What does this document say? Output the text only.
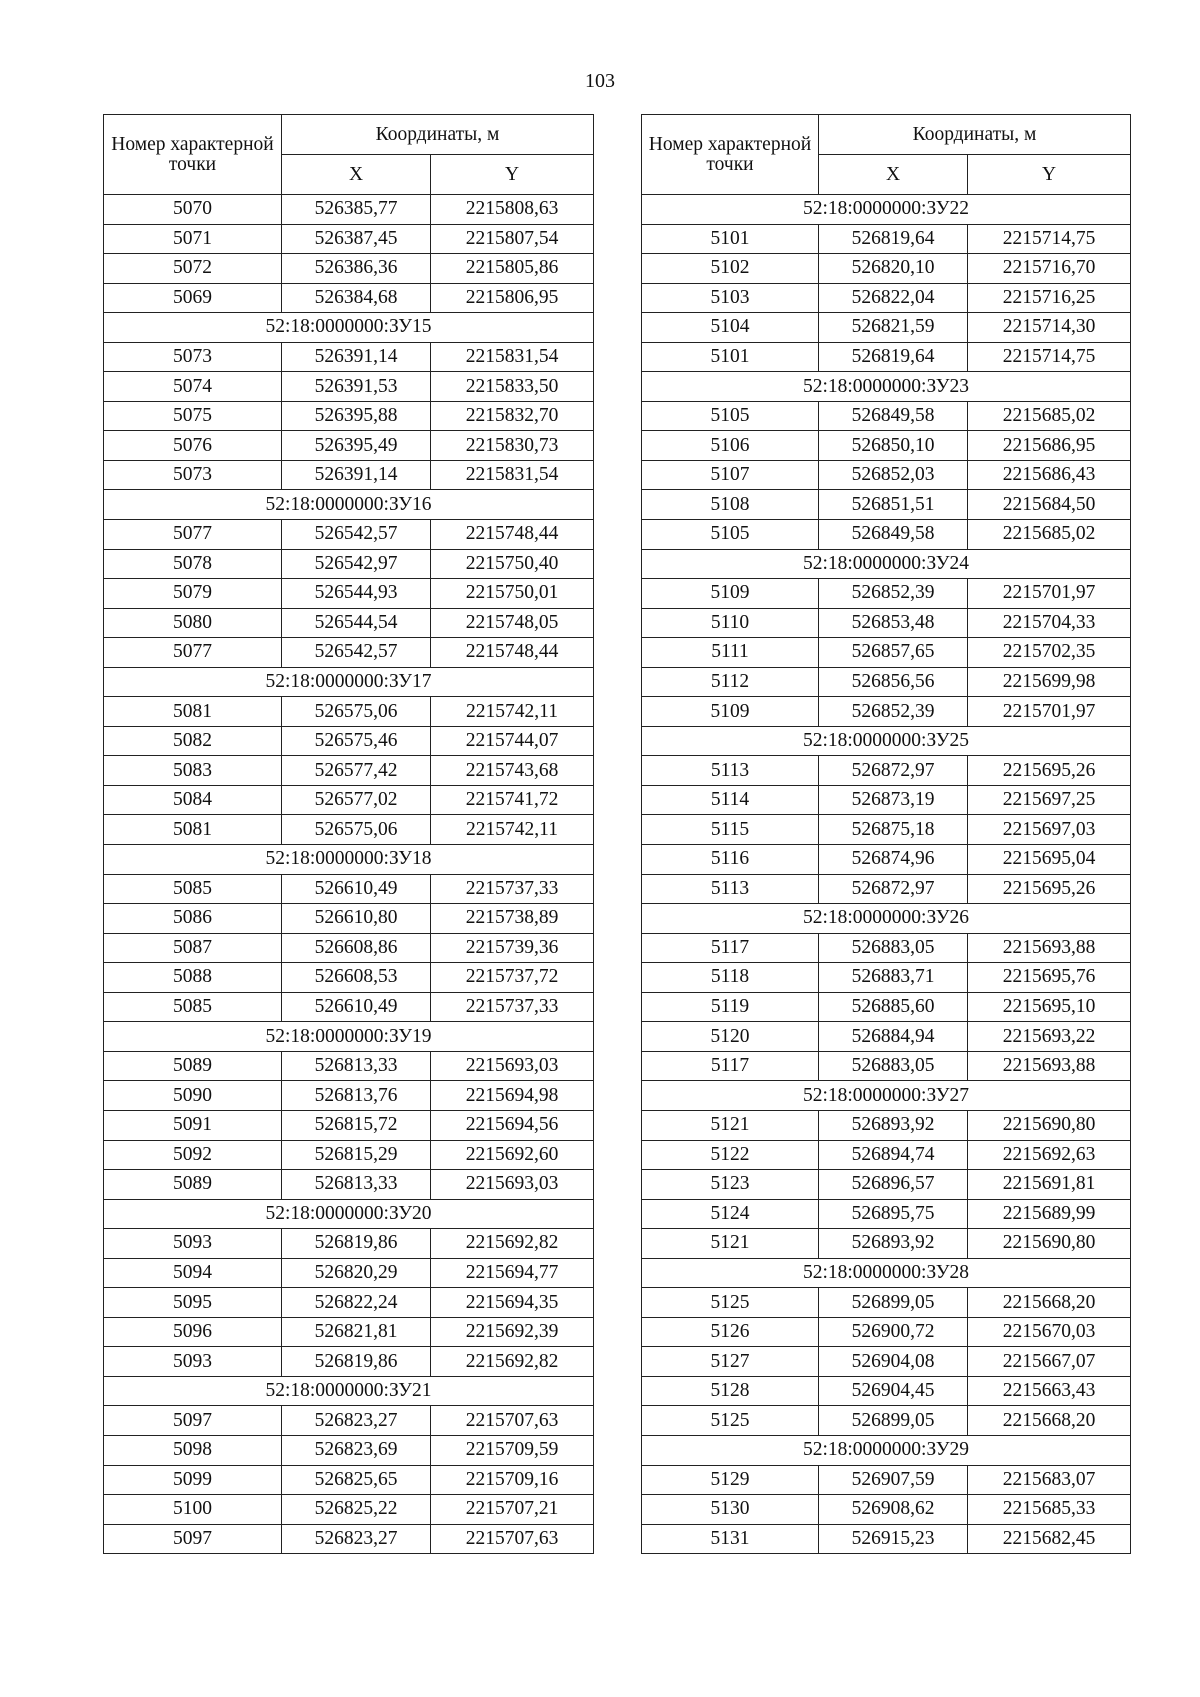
103
Номер характерной точки	Координаты, м	
	X	Y
5070	526385,77	2215808,63
5071	526387,45	2215807,54
5072	526386,36	2215805,86
5069	526384,68	2215806,95
52:18:0000000:ЗУ15		
5073	526391,14	2215831,54
5074	526391,53	2215833,50
5075	526395,88	2215832,70
5076	526395,49	2215830,73
5073	526391,14	2215831,54
52:18:0000000:ЗУ16		
5077	526542,57	2215748,44
5078	526542,97	2215750,40
5079	526544,93	2215750,01
5080	526544,54	2215748,05
5077	526542,57	2215748,44
52:18:0000000:ЗУ17		
5081	526575,06	2215742,11
5082	526575,46	2215744,07
5083	526577,42	2215743,68
5084	526577,02	2215741,72
5081	526575,06	2215742,11
52:18:0000000:ЗУ18		
5085	526610,49	2215737,33
5086	526610,80	2215738,89
5087	526608,86	2215739,36
5088	526608,53	2215737,72
5085	526610,49	2215737,33
52:18:0000000:ЗУ19		
5089	526813,33	2215693,03
5090	526813,76	2215694,98
5091	526815,72	2215694,56
5092	526815,29	2215692,60
5089	526813,33	2215693,03
52:18:0000000:ЗУ20		
5093	526819,86	2215692,82
5094	526820,29	2215694,77
5095	526822,24	2215694,35
5096	526821,81	2215692,39
5093	526819,86	2215692,82
52:18:0000000:ЗУ21		
5097	526823,27	2215707,63
5098	526823,69	2215709,59
5099	526825,65	2215709,16
5100	526825,22	2215707,21
5097	526823,27	2215707,63
Номер характерной точки	Координаты, м	
	X	Y
52:18:0000000:ЗУ22		
5101	526819,64	2215714,75
5102	526820,10	2215716,70
5103	526822,04	2215716,25
5104	526821,59	2215714,30
5101	526819,64	2215714,75
52:18:0000000:ЗУ23		
5105	526849,58	2215685,02
5106	526850,10	2215686,95
5107	526852,03	2215686,43
5108	526851,51	2215684,50
5105	526849,58	2215685,02
52:18:0000000:ЗУ24		
5109	526852,39	2215701,97
5110	526853,48	2215704,33
5111	526857,65	2215702,35
5112	526856,56	2215699,98
5109	526852,39	2215701,97
52:18:0000000:ЗУ25		
5113	526872,97	2215695,26
5114	526873,19	2215697,25
5115	526875,18	2215697,03
5116	526874,96	2215695,04
5113	526872,97	2215695,26
52:18:0000000:ЗУ26		
5117	526883,05	2215693,88
5118	526883,71	2215695,76
5119	526885,60	2215695,10
5120	526884,94	2215693,22
5117	526883,05	2215693,88
52:18:0000000:ЗУ27		
5121	526893,92	2215690,80
5122	526894,74	2215692,63
5123	526896,57	2215691,81
5124	526895,75	2215689,99
5121	526893,92	2215690,80
52:18:0000000:ЗУ28		
5125	526899,05	2215668,20
5126	526900,72	2215670,03
5127	526904,08	2215667,07
5128	526904,45	2215663,43
5125	526899,05	2215668,20
52:18:0000000:ЗУ29		
5129	526907,59	2215683,07
5130	526908,62	2215685,33
5131	526915,23	2215682,45
